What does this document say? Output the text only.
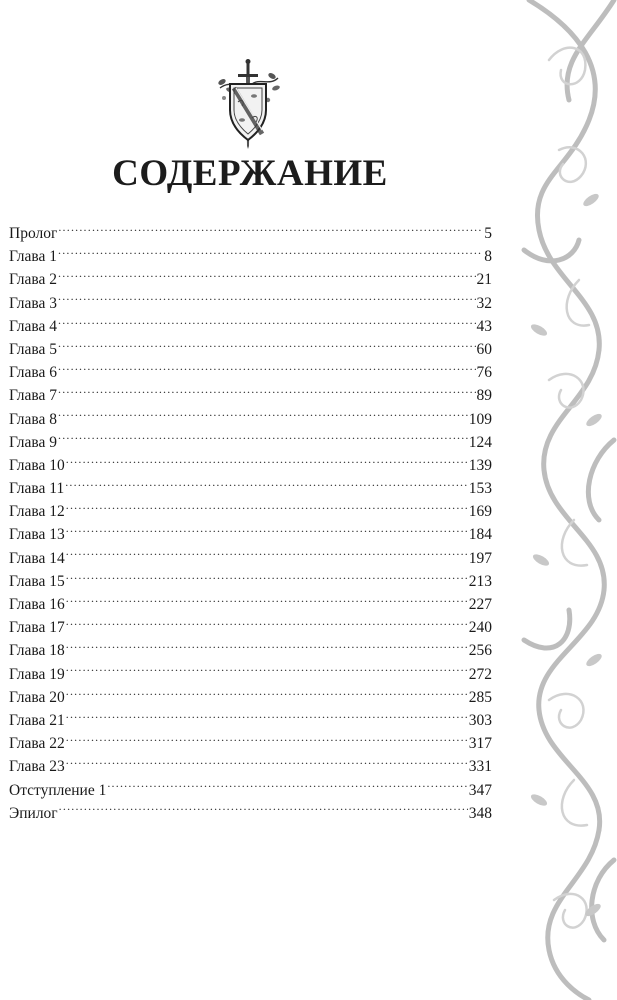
СОДЕРЖАНИЕ
Пролог .....	5
Глава 1 .....	8
Глава 2 .....	21
Глава 3 .....	32
Глава 4 .....	43
Глава 5 .....	60
Глава 6 .....	76
Глава 7 .....	89
Глава 8 .....	109
Глава 9 .....	124
Глава 10 .....	139
Глава 11 .....	153
Глава 12 .....	169
Глава 13 .....	184
Глава 14 .....	197
Глава 15 .....	213
Глава 16 .....	227
Глава 17 .....	240
Глава 18 .....	256
Глава 19 .....	272
Глава 20 .....	285
Глава 21 .....	303
Глава 22 .....	317
Глава 23 .....	331
Отступление 1 .....	347
Эпилог .....	348
